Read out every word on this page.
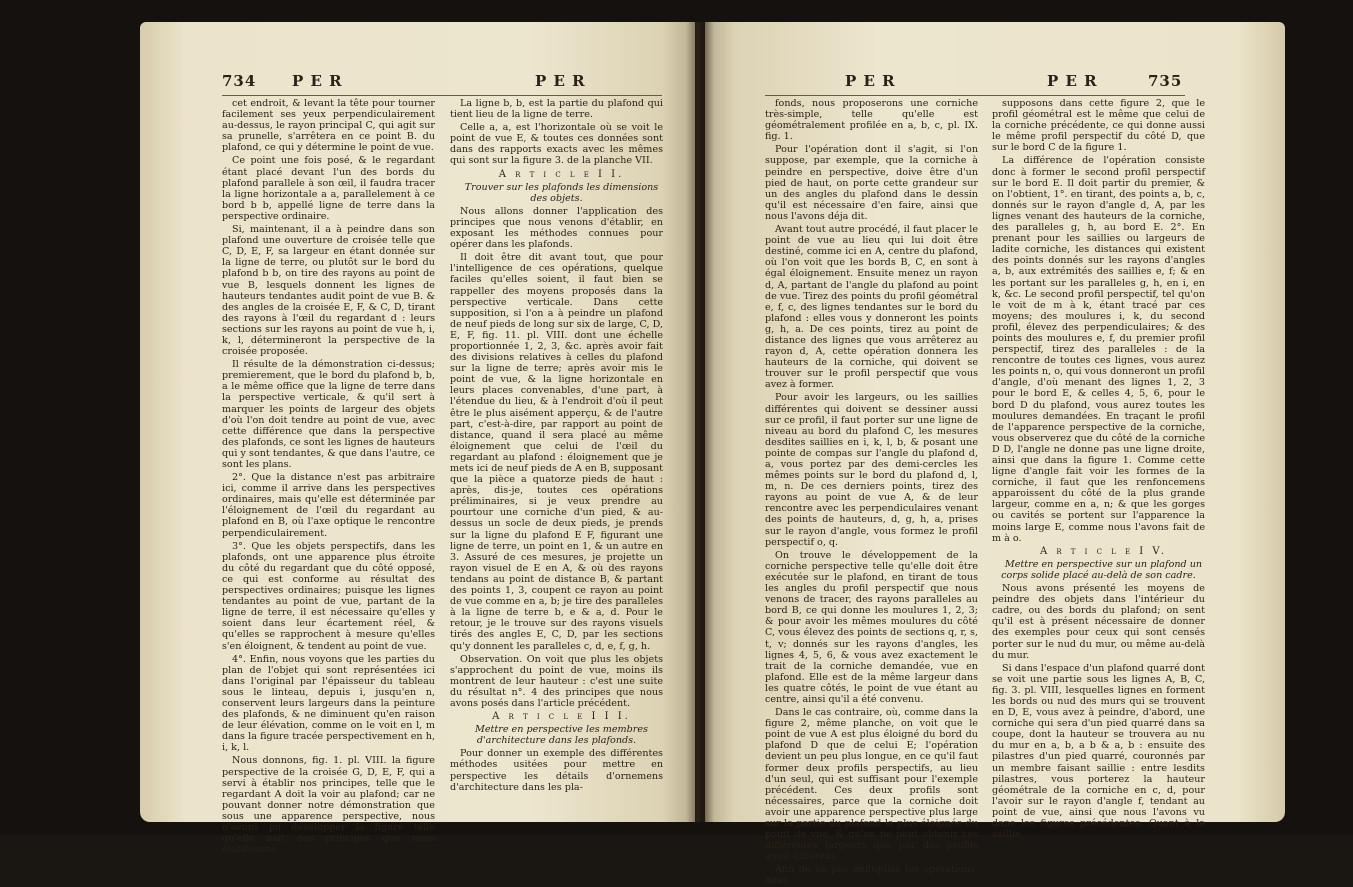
734 P E R	P E R

cet endroit, & levant la tête pour tourner facilement ses yeux perpendiculairement au-dessus, le rayon principal C, qui agit sur sa prunelle, s'arrêtera en ce point B. du plafond, ce qui y détermine le point de vue.

Ce point une fois posé, & le regardant étant placé devant l'un des bords du plafond parallele à son œil, il faudra tracer la ligne horizontale a a, parallelement à ce bord b b, appellé ligne de terre dans la perspective ordinaire.

Si, maintenant, il a à peindre dans son plafond une ouverture de croisée telle que C, D, E, F, sa largeur en étant donnée sur la ligne de terre, ou plutôt sur le bord du plafond b b, on tire des rayons au point de vue B, lesquels donnent les lignes de hauteurs tendantes audit point de vue B. & des angles de la croisée E, F, & C, D, tirant des rayons à l'œil du regardant d : leurs sections sur les rayons au point de vue h, i, k, l, détermineront la perspective de la croisée proposée.

Il résulte de la démonstration ci-dessus; premierement, que le bord du plafond b, b, a le même office que la ligne de terre dans la perspective verticale, & qu'il sert à marquer les points de largeur des objets d'où l'on doit tendre au point de vue, avec cette différence que dans la perspective des plafonds, ce sont les lignes de hauteurs qui y sont tendantes, & que dans l'autre, ce sont les plans.

2°. Que la distance n'est pas arbitraire ici, comme il arrive dans les perspectives ordinaires, mais qu'elle est déterminée par l'éloignement de l'œil du regardant au plafond en B, où l'axe optique le rencontre perpendiculairement.

3°. Que les objets perspectifs, dans les plafonds, ont une apparence plus étroite du côté du regardant que du côté opposé, ce qui est conforme au résultat des perspectives ordinaires; puisque les lignes tendantes au point de vue, partant de la ligne de terre, il est nécessaire qu'elles y soient dans leur écartement réel, & qu'elles se rapprochent à mesure qu'elles s'en éloignent, & tendent au point de vue.

4°. Enfin, nous voyons que les parties du plan de l'objet qui sont représentées ici dans l'original par l'épaisseur du tableau sous le linteau, depuis i, jusqu'en n, conservent leurs largeurs dans la peinture des plafonds, & ne diminuent qu'en raison de leur élévation, comme on le voit en l, m dans la figure tracée perspectivement en h, i, k, l.

Nous donnons, fig. 1. pl. VIII. la figure perspective de la croisée G, D, E, F, qui a servi à établir nos principes, telle que le regardant A doit la voir au plafond; car ne pouvant donner notre démonstration que sous une apparence perspective, nous n'avons pu développer la figure telle qu'elle naît des principes que nous établissons.

La ligne b, b, est la partie du plafond qui tient lieu de la ligne de terre.

Celle a, a, est l'horizontale où se voit le point de vue E, & toutes ces données sont dans des rapports exacts avec les mêmes qui sont sur la figure 3. de la planche VII.

A r t i c l e I I.

Trouver sur les plafonds les dimensions des objets.

Nous allons donner l'application des principes que nous venons d'établir, en exposant les méthodes connues pour opérer dans les plafonds.

Il doit être dit avant tout, que pour l'intelligence de ces opérations, quelque faciles qu'elles soient, il faut bien se rappeller des moyens proposés dans la perspective verticale. Dans cette supposition, si l'on a à peindre un plafond de neuf pieds de long sur six de large, C, D, E, F, fig. 11. pl. VIII. dont une échelle proportionnée 1, 2, 3, &c. après avoir fait des divisions relatives à celles du plafond sur la ligne de terre; après avoir mis le point de vue, & la ligne horizontale en leurs places convenables, d'une part, à l'étendue du lieu, & à l'endroit d'où il peut être le plus aisément apperçu, & de l'autre part, c'est-à-dire, par rapport au point de distance, quand il sera placé au même éloignement que celui de l'œil du regardant au plafond : éloignement que je mets ici de neuf pieds de A en B, supposant que la pièce a quatorze pieds de haut : après, dis-je, toutes ces opérations préliminaires, si je veux prendre au pourtour une corniche d'un pied, & au-dessus un socle de deux pieds, je prends sur la ligne du plafond E F, figurant une ligne de terre, un point en 1, & un autre en 3. Assuré de ces mesures, je projette un rayon visuel de E en A, & où des rayons tendans au point de distance B, & partant des points 1, 3, coupent ce rayon au point de vue comme en a, b; je tire des paralleles à la ligne de terre b, e & a, d. Pour le retour, je le trouve sur des rayons visuels tirés des angles E, C, D, par les sections qu'y donnent les paralleles c, d, e, f, g, h.

Observation. On voit que plus les objets s'approchent du point de vue, moins ils montrent de leur hauteur : c'est une suite du résultat n°. 4 des principes que nous avons posés dans l'article précédent.

A r t i c l e I I I.

Mettre en perspective les membres d'architecture dans les plafonds.

Pour donner un exemple des différentes méthodes usitées pour mettre en perspective les détails d'ornemens d'architecture dans les pla-

P E R	P E R	735

fonds, nous proposerons une corniche très-simple, telle qu'elle est géométralement profilée en a, b, c, pl. IX. fig. 1.

Pour l'opération dont il s'agit, si l'on suppose, par exemple, que la corniche à peindre en perspective, doive être d'un pied de haut, on porte cette grandeur sur un des angles du plafond dans le dessin qu'il est nécessaire d'en faire, ainsi que nous l'avons déja dit.

Avant tout autre procédé, il faut placer le point de vue au lieu qui lui doit être destiné, comme ici en A, centre du plafond, où l'on voit que les bords B, C, en sont à égal éloignement. Ensuite menez un rayon d, A, partant de l'angle du plafond au point de vue. Tirez des points du profil géométral e, f, c, des lignes tendantes sur le bord du plafond : elles vous y donneront les points g, h, a. De ces points, tirez au point de distance des lignes que vous arrêterez au rayon d, A, cette opération donnera les hauteurs de la corniche, qui doivent se trouver sur le profil perspectif que vous avez à former.

Pour avoir les largeurs, ou les saillies différentes qui doivent se dessiner aussi sur ce profil, il faut porter sur une ligne de niveau au bord du plafond C, les mesures desdites saillies en i, k, l, b, & posant une pointe de compas sur l'angle du plafond d, a, vous portez par des demi-cercles les mêmes points sur le bord du plafond d, l, m, n. De ces derniers points, tirez des rayons au point de vue A, & de leur rencontre avec les perpendiculaires venant des points de hauteurs, d, g, h, a, prises sur le rayon d'angle, vous formez le profil perspectif o, q.

On trouve le développement de la corniche perspective telle qu'elle doit être exécutée sur le plafond, en tirant de tous les angles du profil perspectif que nous venons de tracer, des rayons paralleles au bord B, ce qui donne les moulures 1, 2, 3; & pour avoir les mêmes moulures du côté C, vous élevez des points de sections q, r, s, t, v; donnés sur les rayons d'angles, les lignes 4, 5, 6, & vous avez exactement le trait de la corniche demandée, vue en plafond. Elle est de la même largeur dans les quatre côtés, le point de vue étant au centre, ainsi qu'il a été convenu.

Dans le cas contraire, où, comme dans la figure 2, même planche, on voit que le point de vue A est plus éloigné du bord du plafond D que de celui E; l'opération devient un peu plus longue, en ce qu'il faut former deux profils perspectifs, au lieu d'un seul, qui est suffisant pour l'exemple précédent. Ces deux profils sont nécessaires, parce que la corniche doit avoir une apparence perspective plus large sur la partie du plafond la plus éloignée du point de vue, & qu'on ne peut obtenir ces différentes largeurs que par des profils aussi différens.

Afin de ne pas multiplier les opérations, nous

supposons dans cette figure 2, que le profil géométral est le même que celui de la corniche précédente, ce qui donne aussi le même profil perspectif du côté D, que sur le bord C de la figure 1.

La différence de l'opération consiste donc à former le second profil perspectif sur le bord E. Il doit partir du premier, & on l'obtient, 1°. en tirant, des points a, b, c, donnés sur le rayon d'angle d, A, par les lignes venant des hauteurs de la corniche, des paralleles g, h, au bord E. 2°. En prenant pour les saillies ou largeurs de ladite corniche, les distances qui existent des points donnés sur les rayons d'angles a, b, aux extrémités des saillies e, f; & en les portant sur les paralleles g, h, en i, en k, &c. Le second profil perspectif, tel qu'on le voit de m à k, étant tracé par ces moyens; des moulures i, k, du second profil, élevez des perpendiculaires; & des points des moulures e, f, du premier profil perspectif, tirez des paralleles : de la rencontre de toutes ces lignes, vous aurez les points n, o, qui vous donneront un profil d'angle, d'où menant des lignes 1, 2, 3 pour le bord E, & celles 4, 5, 6, pour le bord D du plafond, vous aurez toutes les moulures demandées. En traçant le profil de l'apparence perspective de la corniche, vous observerez que du côté de la corniche D D, l'angle ne donne pas une ligne droite, ainsi que dans la figure 1. Comme cette ligne d'angle fait voir les formes de la corniche, il faut que les renfoncemens apparoissent du côté de la plus grande largeur, comme en a, n; & que les gorges ou cavités se portent sur l'apparence la moins large E, comme nous l'avons fait de m à o.

A r t i c l e I V.

Mettre en perspective sur un plafond un corps solide placé au-delà de son cadre.

Nous avons présenté les moyens de peindre des objets dans l'intérieur du cadre, ou des bords du plafond; on sent qu'il est à présent nécessaire de donner des exemples pour ceux qui sont censés porter sur le nud du mur, ou même au-delà du mur.

Si dans l'espace d'un plafond quarré dont se voit une partie sous les lignes A, B, C, fig. 3. pl. VIII, lesquelles lignes en forment les bords ou nud des murs qui se trouvent en D, E, vous avez à peindre, d'abord, une corniche qui sera d'un pied quarré dans sa coupe, dont la hauteur se trouvera au nu du mur en a, b, a b & a, b : ensuite des pilastres d'un pied quarré, couronnés par un membre faisant saillie : entre lesdits pilastres, vous porterez la hauteur géométrale de la corniche en c, d, pour l'avoir sur le rayon d'angle f, tendant au point de vue, ainsi que nous l'avons vu dans les figures précédentes. Quant à la saillie
